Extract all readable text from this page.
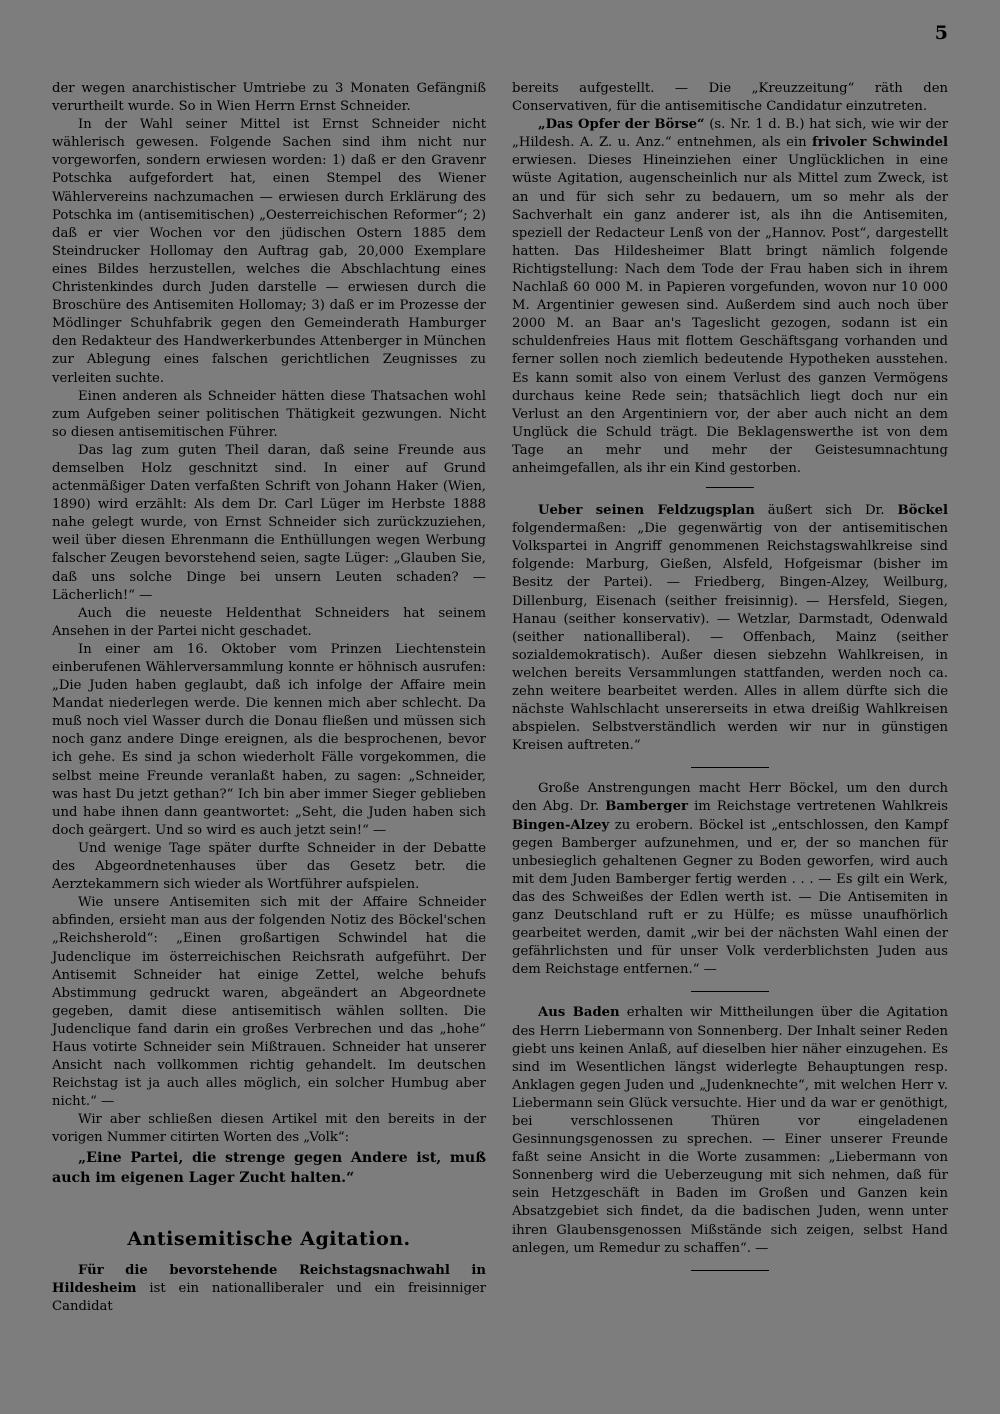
5

der wegen anarchistischer Umtriebe zu 3 Monaten Gefängniß verurtheilt wurde. So in Wien Herrn Ernst Schneider.

In der Wahl seiner Mittel ist Ernst Schneider nicht wählerisch gewesen. Folgende Sachen sind ihm nicht nur vorgeworfen, sondern erwiesen worden: 1) daß er den Gravenr Potschka aufgefordert hat, einen Stempel des Wiener Wählervereins nachzumachen — erwiesen durch Erklärung des Potschka im (antisemitischen) „Oesterreichischen Reformer“; 2) daß er vier Wochen vor den jüdischen Ostern 1885 dem Steindrucker Hollomay den Auftrag gab, 20,000 Exemplare eines Bildes herzustellen, welches die Abschlachtung eines Christenkindes durch Juden darstelle — erwiesen durch die Broschüre des Antisemiten Hollomay; 3) daß er im Prozesse der Mödlinger Schuhfabrik gegen den Gemeinderath Hamburger den Redakteur des Handwerkerbundes Attenberger in München zur Ablegung eines falschen gerichtlichen Zeugnisses zu verleiten suchte.

Einen anderen als Schneider hätten diese Thatsachen wohl zum Aufgeben seiner politischen Thätigkeit gezwungen. Nicht so diesen antisemitischen Führer.

Das lag zum guten Theil daran, daß seine Freunde aus demselben Holz geschnitzt sind. In einer auf Grund actenmäßiger Daten verfaßten Schrift von Johann Haker (Wien, 1890) wird erzählt: Als dem Dr. Carl Lüger im Herbste 1888 nahe gelegt wurde, von Ernst Schneider sich zurückzuziehen, weil über diesen Ehrenmann die Enthüllungen wegen Werbung falscher Zeugen bevorstehend seien, sagte Lüger: „Glauben Sie, daß uns solche Dinge bei unsern Leuten schaden? — Lächerlich!“ —

Auch die neueste Heldenthat Schneiders hat seinem Ansehen in der Partei nicht geschadet.

In einer am 16. Oktober vom Prinzen Liechtenstein einberufenen Wählerversammlung konnte er höhnisch ausrufen: „Die Juden haben geglaubt, daß ich infolge der Affaire mein Mandat niederlegen werde. Die kennen mich aber schlecht. Da muß noch viel Wasser durch die Donau fließen und müssen sich noch ganz andere Dinge ereignen, als die besprochenen, bevor ich gehe. Es sind ja schon wiederholt Fälle vorgekommen, die selbst meine Freunde veranlaßt haben, zu sagen: „Schneider, was hast Du jetzt gethan?“ Ich bin aber immer Sieger geblieben und habe ihnen dann geantwortet: „Seht, die Juden haben sich doch geärgert. Und so wird es auch jetzt sein!“ —

Und wenige Tage später durfte Schneider in der Debatte des Abgeordnetenhauses über das Gesetz betr. die Aerztekammern sich wieder als Wortführer aufspielen.

Wie unsere Antisemiten sich mit der Affaire Schneider abfinden, ersieht man aus der folgenden Notiz des Böckel'schen „Reichsherold“: „Einen großartigen Schwindel hat die Judenclique im österreichischen Reichsrath aufgeführt. Der Antisemit Schneider hat einige Zettel, welche behufs Abstimmung gedruckt waren, abgeändert an Abgeordnete gegeben, damit diese antisemitisch wählen sollten. Die Judenclique fand darin ein großes Verbrechen und das „hohe“ Haus votirte Schneider sein Mißtrauen. Schneider hat unserer Ansicht nach vollkommen richtig gehandelt. Im deutschen Reichstag ist ja auch alles möglich, ein solcher Humbug aber nicht.“ —

Wir aber schließen diesen Artikel mit den bereits in der vorigen Nummer citirten Worten des „Volk“:

„Eine Partei, die strenge gegen Andere ist, muß auch im eigenen Lager Zucht halten.“

Antisemitische Agitation.

Für die bevorstehende Reichstagsnachwahl in Hildesheim ist ein nationalliberaler und ein freisinniger Candidat

bereits aufgestellt. — Die „Kreuzzeitung“ räth den Conservativen, für die antisemitische Candidatur einzutreten.

„Das Opfer der Börse“ (s. Nr. 1 d. B.) hat sich, wie wir der „Hildesh. A. Z. u. Anz.“ entnehmen, als ein frivoler Schwindel erwiesen. Dieses Hineinziehen einer Unglücklichen in eine wüste Agitation, augenscheinlich nur als Mittel zum Zweck, ist an und für sich sehr zu bedauern, um so mehr als der Sachverhalt ein ganz anderer ist, als ihn die Antisemiten, speziell der Redacteur Lenß von der „Hannov. Post“, dargestellt hatten. Das Hildesheimer Blatt bringt nämlich folgende Richtigstellung: Nach dem Tode der Frau haben sich in ihrem Nachlaß 60 000 M. in Papieren vorgefunden, wovon nur 10 000 M. Argentinier gewesen sind. Außerdem sind auch noch über 2000 M. an Baar an's Tageslicht gezogen, sodann ist ein schuldenfreies Haus mit flottem Geschäftsgang vorhanden und ferner sollen noch ziemlich bedeutende Hypotheken ausstehen. Es kann somit also von einem Verlust des ganzen Vermögens durchaus keine Rede sein; thatsächlich liegt doch nur ein Verlust an den Argentiniern vor, der aber auch nicht an dem Unglück die Schuld trägt. Die Beklagenswerthe ist von dem Tage an mehr und mehr der Geistesumnachtung anheimgefallen, als ihr ein Kind gestorben.

Ueber seinen Feldzugsplan äußert sich Dr. Böckel folgendermaßen: „Die gegenwärtig von der antisemitischen Volkspartei in Angriff genommenen Reichstagswahlkreise sind folgende: Marburg, Gießen, Alsfeld, Hofgeismar (bisher im Besitz der Partei). — Friedberg, Bingen-Alzey, Weilburg, Dillenburg, Eisenach (seither freisinnig). — Hersfeld, Siegen, Hanau (seither konservativ). — Wetzlar, Darmstadt, Odenwald (seither nationalliberal). — Offenbach, Mainz (seither sozialdemokratisch). Außer diesen siebzehn Wahlkreisen, in welchen bereits Versammlungen stattfanden, werden noch ca. zehn weitere bearbeitet werden. Alles in allem dürfte sich die nächste Wahlschlacht unsererseits in etwa dreißig Wahlkreisen abspielen. Selbstverständlich werden wir nur in günstigen Kreisen auftreten.“

Große Anstrengungen macht Herr Böckel, um den durch den Abg. Dr. Bamberger im Reichstage vertretenen Wahlkreis Bingen-Alzey zu erobern. Böckel ist „entschlossen, den Kampf gegen Bamberger aufzunehmen, und er, der so manchen für unbesieglich gehaltenen Gegner zu Boden geworfen, wird auch mit dem Juden Bamberger fertig werden . . . — Es gilt ein Werk, das des Schweißes der Edlen werth ist. — Die Antisemiten in ganz Deutschland ruft er zu Hülfe; es müsse unaufhörlich gearbeitet werden, damit „wir bei der nächsten Wahl einen der gefährlichsten und für unser Volk verderblichsten Juden aus dem Reichstage entfernen.“ —

Aus Baden erhalten wir Mittheilungen über die Agitation des Herrn Liebermann von Sonnenberg. Der Inhalt seiner Reden giebt uns keinen Anlaß, auf dieselben hier näher einzugehen. Es sind im Wesentlichen längst widerlegte Behauptungen resp. Anklagen gegen Juden und „Judenknechte“, mit welchen Herr v. Liebermann sein Glück versuchte. Hier und da war er genöthigt, bei verschlossenen Thüren vor eingeladenen Gesinnungsgenossen zu sprechen. — Einer unserer Freunde faßt seine Ansicht in die Worte zusammen: „Liebermann von Sonnenberg wird die Ueberzeugung mit sich nehmen, daß für sein Hetzgeschäft in Baden im Großen und Ganzen kein Absatzgebiet sich findet, da die badischen Juden, wenn unter ihren Glaubensgenossen Mißstände sich zeigen, selbst Hand anlegen, um Remedur zu schaffen“. —
